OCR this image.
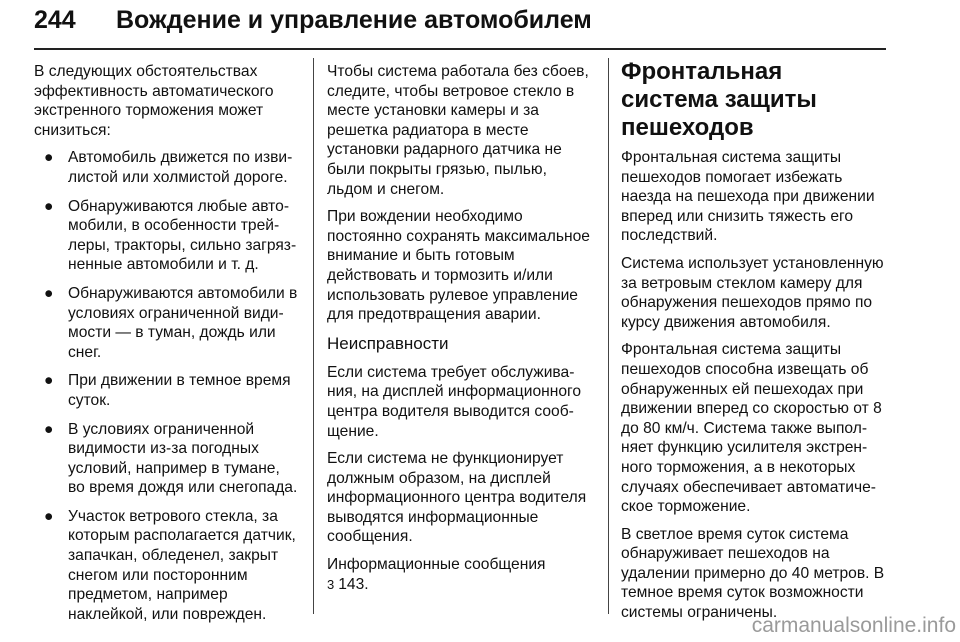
244 Вождение и управление автомобилем

В следующих обстоятельствах эффективность автоматического экстренного торможения может снизиться:

● Автомобиль движется по извилистой или холмистой дороге.
● Обнаруживаются любые автомобили, в особенности трейлеры, тракторы, сильно загрязненные автомобили и т. д.
● Обнаруживаются автомобили в условиях ограниченной видимости — в туман, дождь или снег.
● При движении в темное время суток.
● В условиях ограниченной видимости из-за погодных условий, например в тумане, во время дождя или снегопада.
● Участок ветрового стекла, за которым располагается датчик, запачкан, обледенел, закрыт снегом или посторонним предметом, например наклейкой, или поврежден.

Чтобы система работала без сбоев, следите, чтобы ветровое стекло в месте установки камеры и за решетка радиатора в месте установки радарного датчика не были покрыты грязью, пылью, льдом и снегом.

При вождении необходимо постоянно сохранять максимальное внимание и быть готовым действовать и тормозить и/или использовать рулевое управление для предотвращения аварии.

Неисправности

Если система требует обслуживания, на дисплей информационного центра водителя выводится сообщение.

Если система не функционирует должным образом, на дисплей информационного центра водителя выводятся информационные сообщения.

Информационные сообщения
3 143.

Фронтальная система защиты пешеходов

Фронтальная система защиты пешеходов помогает избежать наезда на пешехода при движении вперед или снизить тяжесть его последствий.

Система использует установленную за ветровым стеклом камеру для обнаружения пешеходов прямо по курсу движения автомобиля.

Фронтальная система защиты пешеходов способна извещать об обнаруженных ей пешеходах при движении вперед со скоростью от 8 до 80 км/ч. Система также выполняет функцию усилителя экстренного торможения, а в некоторых случаях обеспечивает автоматическое торможение.

В светлое время суток система обнаруживает пешеходов на удалении примерно до 40 метров. В темное время суток возможности системы ограничены.

carmanualsonline.info
